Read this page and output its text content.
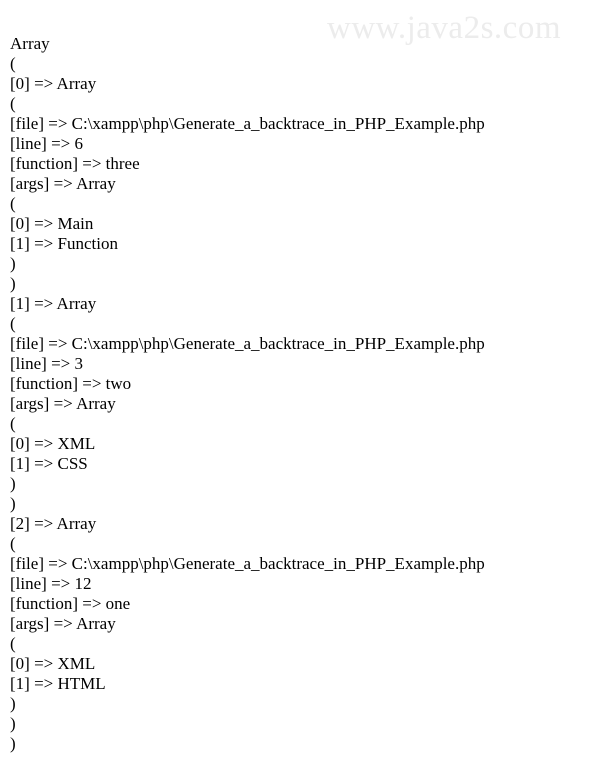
www.java2s.com
Array
(
[0] => Array
(
[file] => C:\xampp\php\Generate_a_backtrace_in_PHP_Example.php
[line] => 6
[function] => three
[args] => Array
(
[0] => Main
[1] => Function
)
)
[1] => Array
(
[file] => C:\xampp\php\Generate_a_backtrace_in_PHP_Example.php
[line] => 3
[function] => two
[args] => Array
(
[0] => XML
[1] => CSS
)
)
[2] => Array
(
[file] => C:\xampp\php\Generate_a_backtrace_in_PHP_Example.php
[line] => 12
[function] => one
[args] => Array
(
[0] => XML
[1] => HTML
)
)
)
